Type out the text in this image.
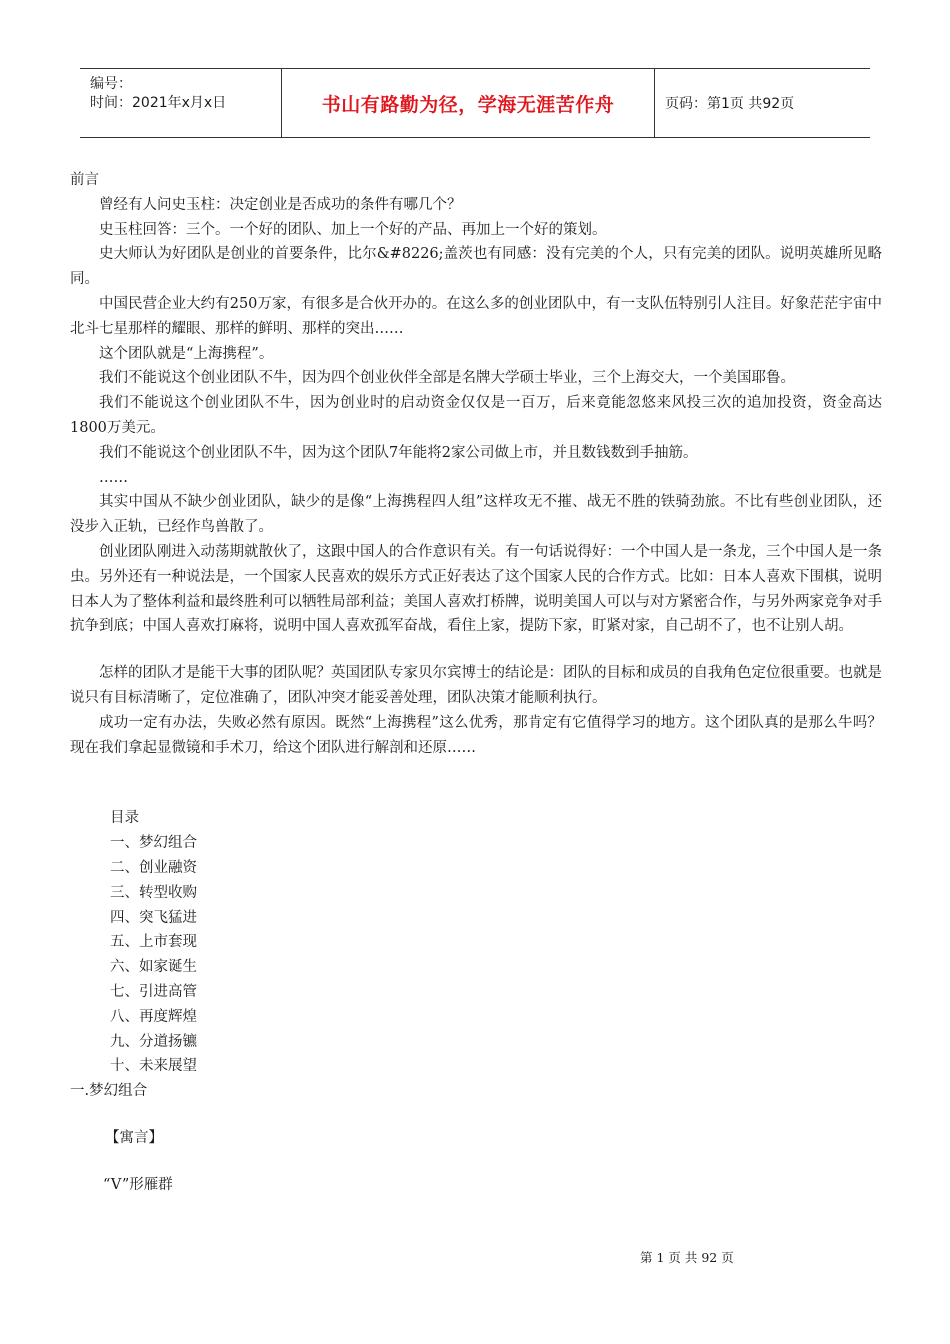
编号：
时间：2021年x月x日	书山有路勤为径，学海无涯苦作舟	页码：第1页 共92页

前言

曾经有人问史玉柱：决定创业是否成功的条件有哪几个？

史玉柱回答：三个。一个好的团队、加上一个好的产品、再加上一个好的策划。

史大师认为好团队是创业的首要条件，比尔&#8226;盖茨也有同感：没有完美的个人，只有完美的团队。说明英雄所见略同。

中国民营企业大约有250万家，有很多是合伙开办的。在这么多的创业团队中，有一支队伍特别引人注目。好象茫茫宇宙中北斗七星那样的耀眼、那样的鲜明、那样的突出……

这个团队就是“上海携程”。

我们不能说这个创业团队不牛，因为四个创业伙伴全部是名牌大学硕士毕业，三个上海交大，一个美国耶鲁。

我们不能说这个创业团队不牛，因为创业时的启动资金仅仅是一百万，后来竟能忽悠来风投三次的追加投资，资金高达1800万美元。

我们不能说这个创业团队不牛，因为这个团队7年能将2家公司做上市，并且数钱数到手抽筋。

……

其实中国从不缺少创业团队，缺少的是像“上海携程四人组”这样攻无不摧、战无不胜的铁骑劲旅。不比有些创业团队，还没步入正轨，已经作鸟兽散了。

创业团队刚进入动荡期就散伙了，这跟中国人的合作意识有关。有一句话说得好：一个中国人是一条龙，三个中国人是一条虫。另外还有一种说法是，一个国家人民喜欢的娱乐方式正好表达了这个国家人民的合作方式。比如：日本人喜欢下围棋，说明日本人为了整体利益和最终胜利可以牺牲局部利益；美国人喜欢打桥牌，说明美国人可以与对方紧密合作，与另外两家竞争对手抗争到底；中国人喜欢打麻将，说明中国人喜欢孤军奋战，看住上家，提防下家，盯紧对家，自己胡不了，也不让别人胡。

怎样的团队才是能干大事的团队呢？英国团队专家贝尔宾博士的结论是：团队的目标和成员的自我角色定位很重要。也就是说只有目标清晰了，定位准确了，团队冲突才能妥善处理，团队决策才能顺利执行。

成功一定有办法，失败必然有原因。既然“上海携程”这么优秀，那肯定有它值得学习的地方。这个团队真的是那么牛吗？现在我们拿起显微镜和手术刀，给这个团队进行解剖和还原……

目录

一、梦幻组合

二、创业融资

三、转型收购

四、突飞猛进

五、上市套现

六、如家诞生

七、引进高管

八、再度辉煌

九、分道扬镳

十、未来展望

一.梦幻组合

【寓言】

“V”形雁群

第 1 页 共 92 页
